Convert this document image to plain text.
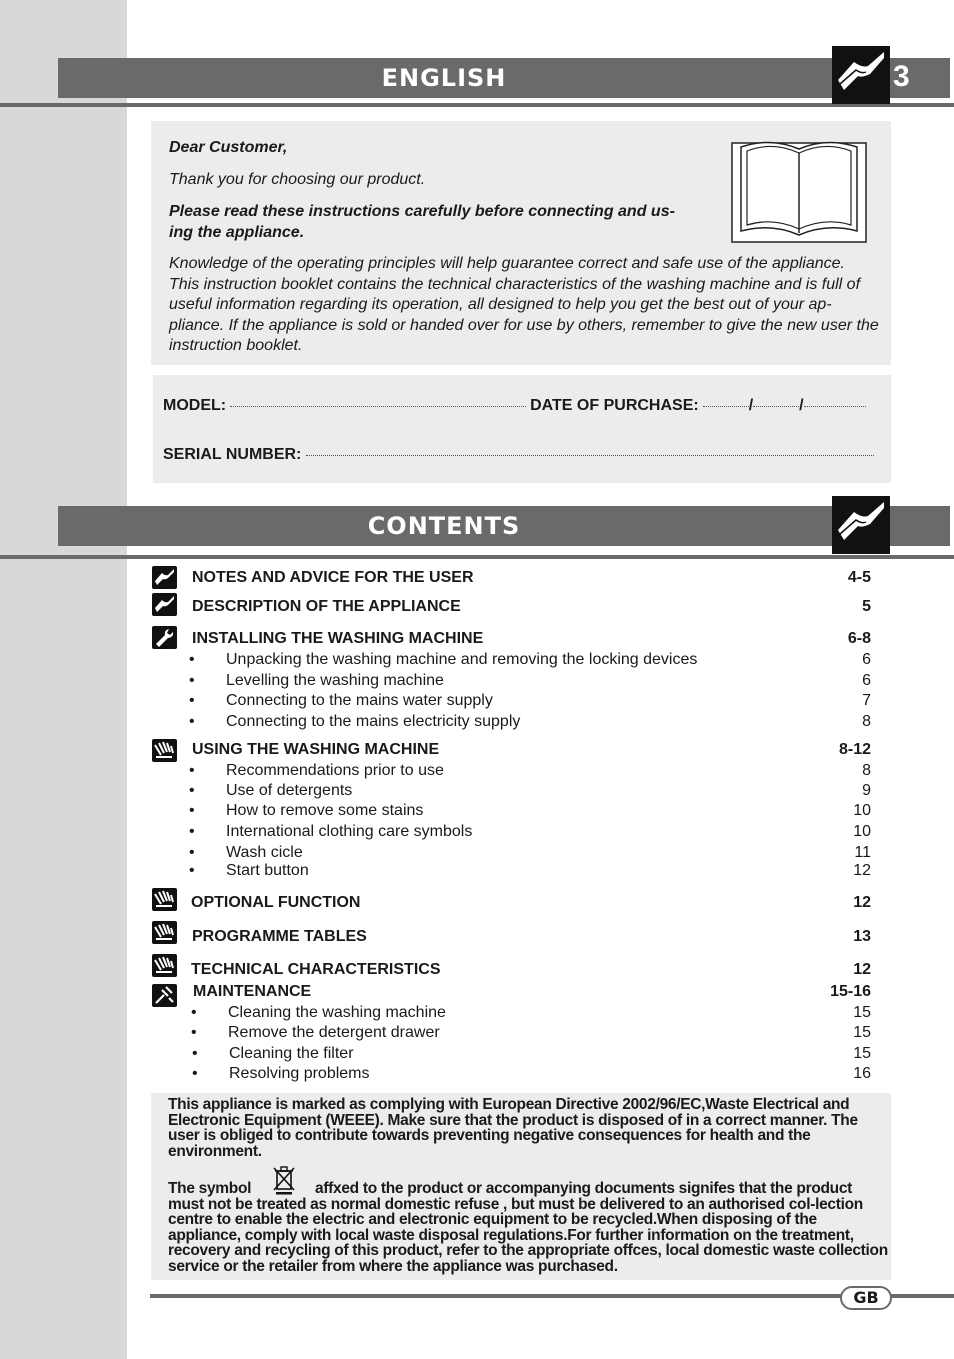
ENGLISH	3

Dear Customer,

Thank you for choosing our product.

Please read these instructions carefully before connecting and us-ing the appliance.

Knowledge of the operating principles will help guarantee correct and safe use of the appliance. This instruction booklet contains the technical characteristics of the washing machine and is full of useful information regarding its operation, all designed to help you get the best out of your ap-pliance. If the appliance is sold or handed over for use by others, remember to give the new user the instruction booklet.

MODEL:	DATE OF PURCHASE:	/	/
SERIAL NUMBER:
CONTENTS
NOTES AND ADVICE FOR THE USER	4-5
DESCRIPTION OF THE APPLIANCE	5
INSTALLING THE WASHING MACHINE	6-8
• Unpacking the washing machine and removing the locking devices	6
• Levelling the washing machine	6
• Connecting to the mains water supply	7
• Connecting to the mains electricity supply	8
USING THE WASHING MACHINE	8-12
• Recommendations prior to use	8
• Use of detergents	9
• How to remove some stains	10
• International clothing care symbols	10
• Wash cicle	11
• Start button	12
OPTIONAL FUNCTION	12
PROGRAMME TABLES	13
TECHNICAL CHARACTERISTICS	12
MAINTENANCE	15-16
• Cleaning the washing machine	15
• Remove the detergent drawer	15
• Cleaning the filter	15
• Resolving problems	16

This appliance is marked as complying with European Directive 2002/96/EC,Waste Electrical and Electronic Equipment (WEEE). Make sure that the product is disposed of in a correct manner. The user is obliged to contribute towards preventing negative consequences for health and the environment.

The symbol	affxed to the product or accompanying documents signifes that the product must not be treated as normal domestic refuse , but must be delivered to an authorised col-lection centre to enable the electric and electronic equipment to be recycled.When disposing of the appliance, comply with local waste disposal regulations.For further information on the treatment, recovery and recycling of this product, refer to the appropriate offces, local domestic waste collection service or the retailer from where the appliance was purchased.

GB
